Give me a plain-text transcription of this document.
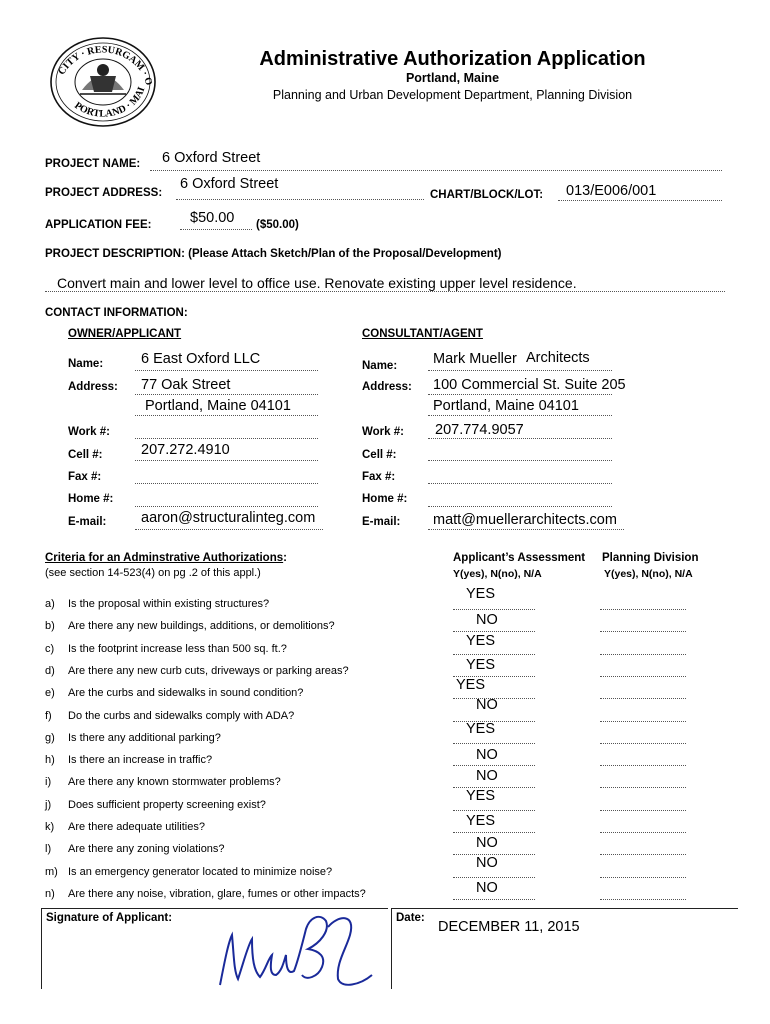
CITY · RESURGAM · O
PORTLAND · MAI
Administrative Authorization Application
Portland, Maine
Planning and Urban Development Department, Planning Division
PROJECT NAME: 6 Oxford Street
PROJECT ADDRESS:
6 Oxford Street
CHART/BLOCK/LOT: 013/E006/001
APPLICATION FEE:	$50.00 ($50.00)
PROJECT DESCRIPTION: (Please Attach Sketch/Plan of the Proposal/Development)
Convert main and lower level to office use. Renovate existing upper level residence.
CONTACT INFORMATION:
OWNER/APPLICANT	CONSULTANT/AGENT
Name:	6 East Oxford LLC
Address: 77 Oak Street
Portland, Maine 04101
Work #:
Cell #:	207.272.4910
Fax #:
Home #:
E-mail: aaron@structuralinteg.com
Name: Mark Mueller Architects
Address: 100 Commercial St. Suite 205
Portland, Maine 04101
Work #: 207.774.9057
Cell #:
Fax #:
Home #:
E-mail: matt@muellerarchitects.com
Criteria for an Adminstrative Authorizations:
(see section 14-523(4) on pg .2 of this appl.)
Applicant’s Assessment Planning Division
Y(yes), N(no), N/A	Y(yes), N(no), N/A
a) Is the proposal within existing structures?
YES
b) Are there any new buildings, additions, or demolitions?	NO
c) Is the footprint increase less than 500 sq. ft.?	YES
d) Are there any new curb cuts, driveways or parking areas?	YES
e) Are the curbs and sidewalks in sound condition?	YES
f) Do the curbs and sidewalks comply with ADA?
NO
g) Is there any additional parking?
YES
h) Is there an increase in traffic?	NO
i) Are there any known stormwater problems?	NO
j) Does sufficient property screening exist?
YES
k) Are there adequate utilities?	YES
l) Are there any zoning violations?	NO
m) Is an emergency generator located to minimize noise?
NO
n) Are there any noise, vibration, glare, fumes or other impacts?	NO
Signature of Applicant:	Date:
DECEMBER 11, 2015
